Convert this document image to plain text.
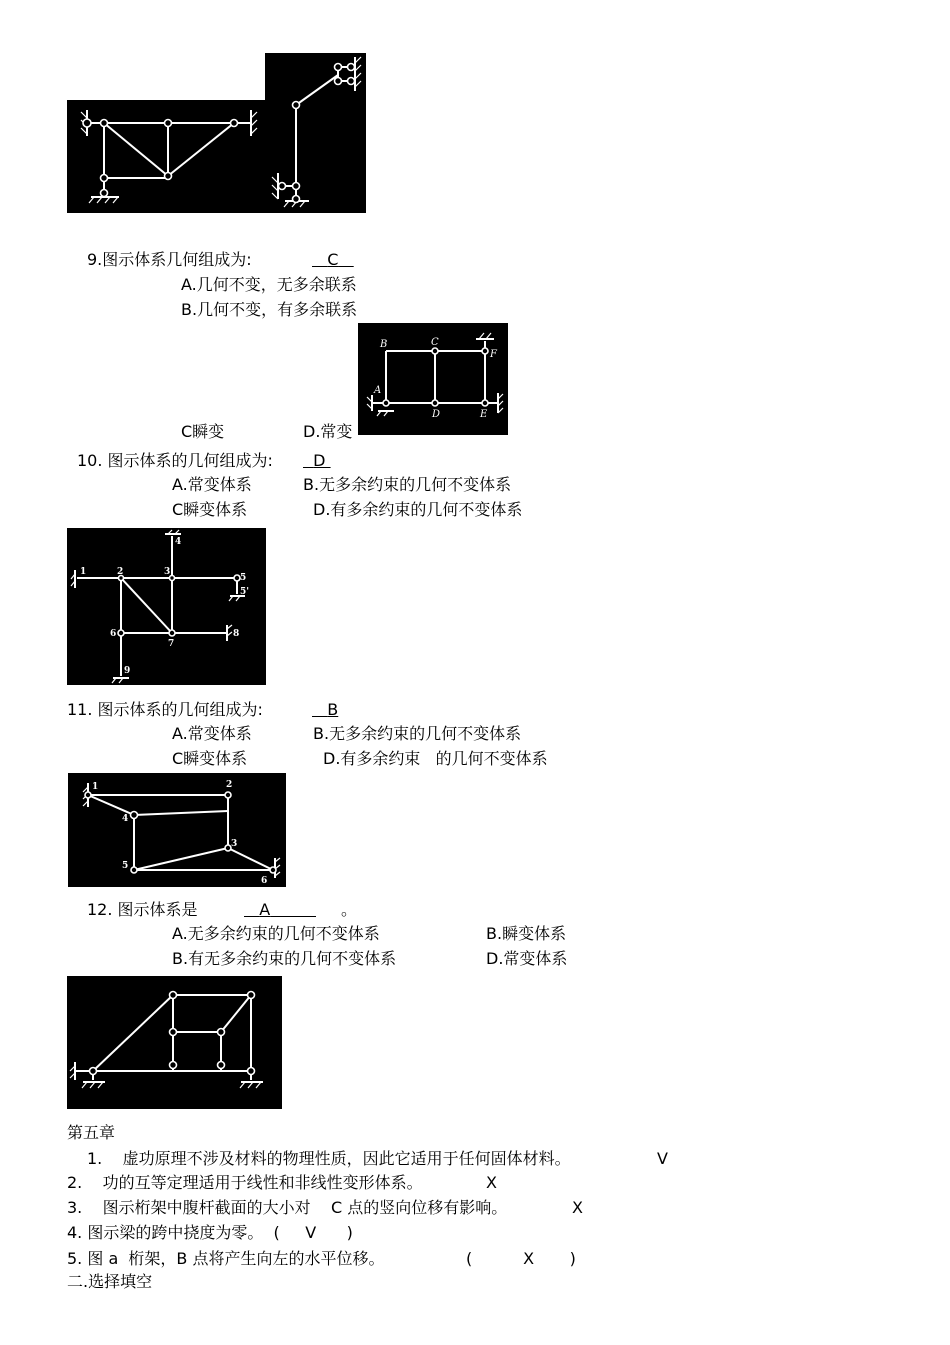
9.图示体系几何组成为:	C
A.几何不变，无多余联系
B.几何不变，有多余联系
C瞬变	D.常变
B	C
F
A
D	E
10. 图示体系的几何组成为:	D
A.常变体系	B.无多余约束的几何不变体系
C瞬变体系	D.有多余约束的几何不变体系
1	2	3
4
5
5'
6
7
8
9
11. 图示体系的几何组成为:	B
A.常变体系	B.无多余约束的几何不变体系
C瞬变体系	D.有多余约束   的几何不变体系
1	2
3
4
5
6
12. 图示体系是	A	。
A.无多余约束的几何不变体系	B.瞬变体系
B.有无多余约束的几何不变体系	D.常变体系
第五章
1.    虚功原理不涉及材料的物理性质，因此它适用于任何固体材料。	V
2.    功的互等定理适用于线性和非线性变形体系。	X
3.    图示桁架中腹杆截面的大小对    C 点的竖向位移有影响。	X
4. 图示梁的跨中挠度为零。  (     V      )
5. 图 a  桁架，B 点将产生向左的水平位移。	(          X       )
二.选择填空
